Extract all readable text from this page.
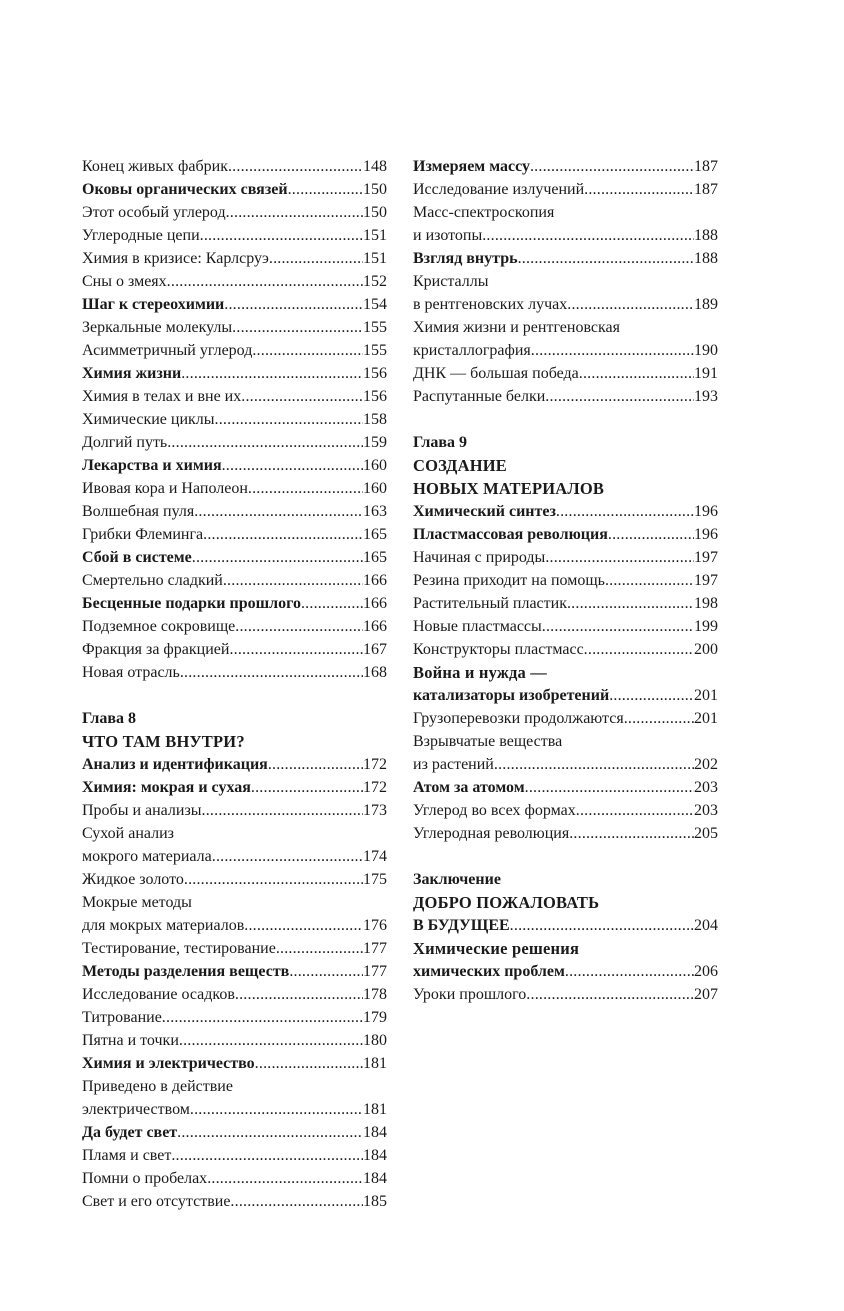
Конец живых фабрик .....	148
Оковы органических связей .....	150
Этот особый углерод .....	150
Углеродные цепи .....	151
Химия в кризисе: Карлсруэ .....	151
Сны о змеях .....	152
Шаг к стереохимии .....	154
Зеркальные молекулы .....	155
Асимметричный углерод .....	155
Химия жизни .....	156
Химия в телах и вне их .....	156
Химические циклы .....	158
Долгий путь .....	159
Лекарства и химия .....	160
Ивовая кора и Наполеон .....	160
Волшебная пуля .....	163
Грибки Флеминга .....	165
Сбой в системе .....	165
Смертельно сладкий .....	166
Бесценные подарки прошлого .....	166
Подземное сокровище .....	166
Фракция за фракцией .....	167
Новая отрасль .....	168
Глава 8
ЧТО ТАМ ВНУТРИ?
Анализ и идентификация .....	172
Химия: мокрая и сухая .....	172
Пробы и анализы .....	173
Сухой анализ
мокрого материала .....	174
Жидкое золото .....	175
Мокрые методы
для мокрых материалов .....	176
Тестирование, тестирование .....	177
Методы разделения веществ .....	177
Исследование осадков .....	178
Титрование .....	179
Пятна и точки .....	180
Химия и электричество .....	181
Приведено в действие
электричеством .....	181
Да будет свет .....	184
Пламя и свет .....	184
Помни о пробелах .....	184
Свет и его отсутствие .....	185
Измеряем массу .....	187
Исследование излучений .....	187
Масс-спектроскопия
и изотопы .....	188
Взгляд внутрь .....	188
Кристаллы
в рентгеновских лучах .....	189
Химия жизни и рентгеновская
кристаллография .....	190
ДНК — большая победа .....	191
Распутанные белки .....	193
Глава 9
СОЗДАНИЕ
НОВЫХ МАТЕРИАЛОВ
Химический синтез .....	196
Пластмассовая революция .....	196
Начиная с природы .....	197
Резина приходит на помощь .....	197
Растительный пластик .....	198
Новые пластмассы .....	199
Конструкторы пластмасс .....	200
Война и нужда —
катализаторы изобретений .....	201
Грузоперевозки продолжаются .....	201
Взрывчатые вещества
из растений .....	202
Атом за атомом .....	203
Углерод во всех формах .....	203
Углеродная революция .....	205
Заключение
ДОБРО ПОЖАЛОВАТЬ
В БУДУЩЕЕ .....	204
Химические решения
химических проблем .....	206
Уроки прошлого .....	207
